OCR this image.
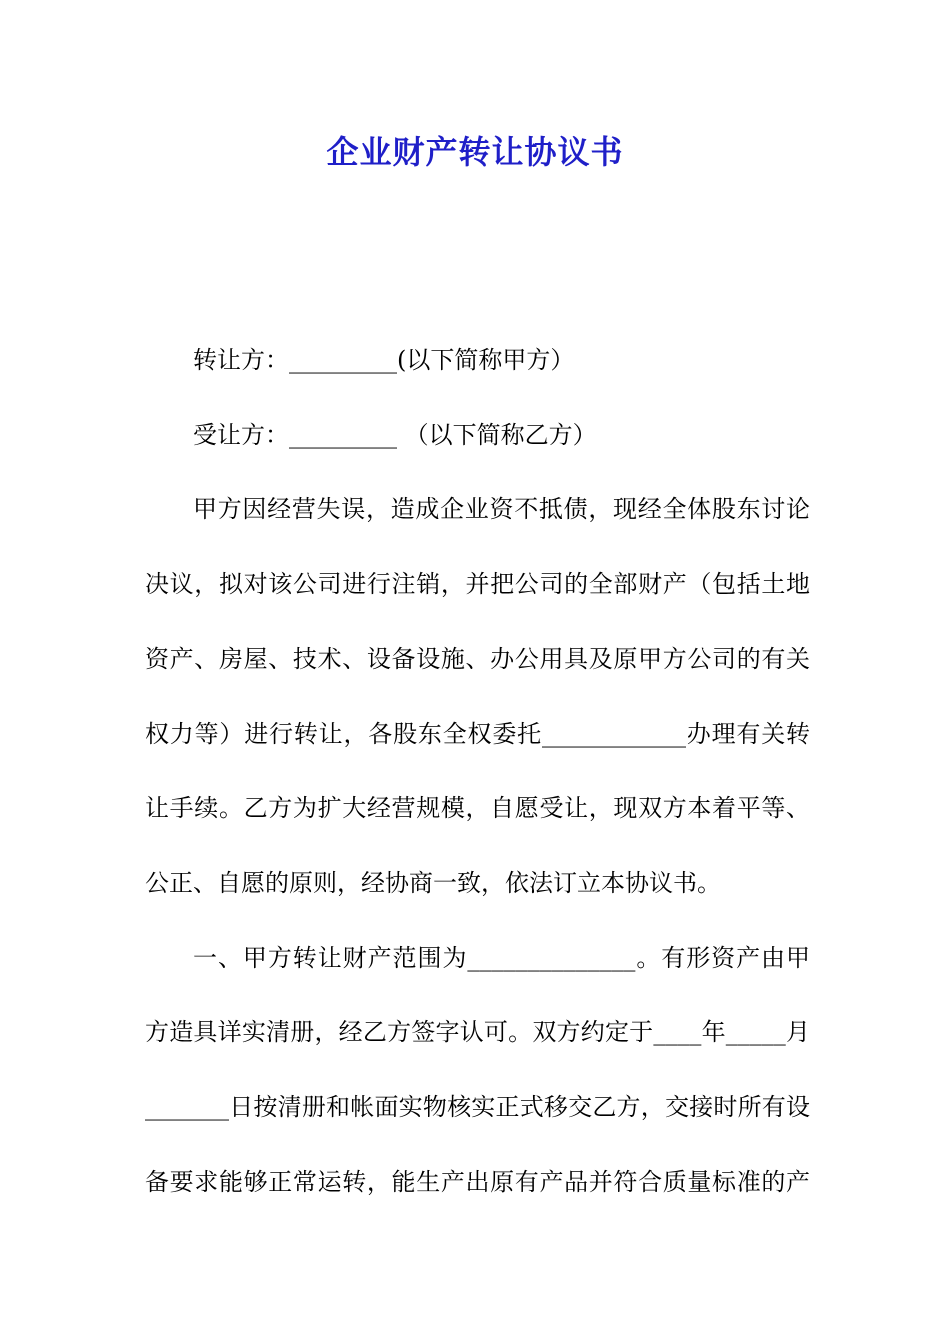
企业财产转让协议书
转让方：_________(以下简称甲方）
受让方：_________ （以下简称乙方）
甲方因经营失误，造成企业资不抵债，现经全体股东讨论
决议，拟对该公司进行注销，并把公司的全部财产（包括土地
资产、房屋、技术、设备设施、办公用具及原甲方公司的有关
权力等）进行转让，各股东全权委托____________办理有关转
让手续。乙方为扩大经营规模，自愿受让，现双方本着平等、
公正、自愿的原则，经协商一致，依法订立本协议书。
一、甲方转让财产范围为______________。有形资产由甲
方造具详实清册，经乙方签字认可。双方约定于____年_____月
_______日按清册和帐面实物核实正式移交乙方，交接时所有设
备要求能够正常运转，能生产出原有产品并符合质量标准的产
